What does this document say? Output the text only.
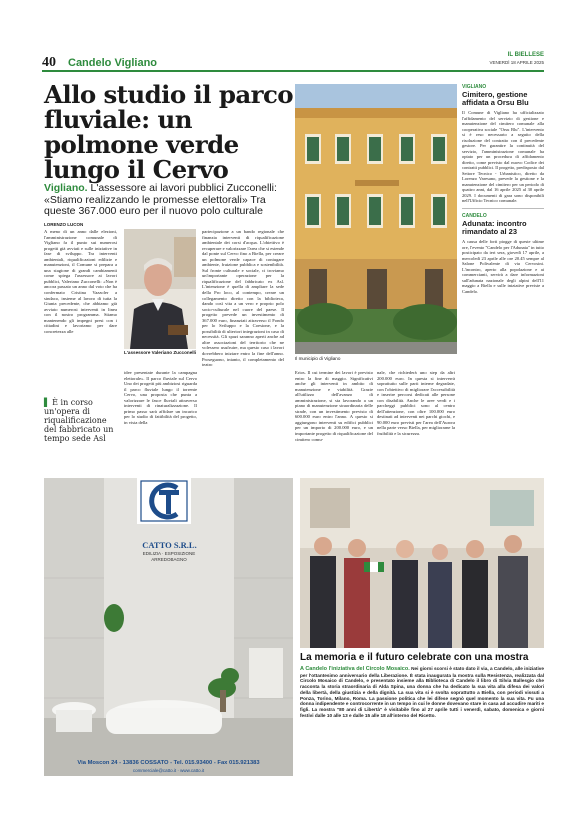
40 Candelo Vigliano
IL BIELLESE
VENERDÌ 18 APRILE 2025
Allo studio il parco fluviale: un polmone verde lungo il Cervo
Vigliano. L'assessore ai lavori pubblici Zucconelli: «Stiamo realizzando le promesse elettorali» Tra queste 367.000 euro per il nuovo polo culturale
LORENZO LUCON
A meno di un anno dalle elezioni, l'amministrazione comunale di Vigliano fa il punto sui numerosi progetti già avviati e sulle iniziative in fase di sviluppo. Tra interventi ambientali, riqualificazioni edilizie e manutenzioni, il Comune si prepara a una stagione di grandi cambiamenti come spiega l'assessore ai lavori pubblici, Valeriano Zucconelli: «Non è ancora passato un anno dal voto che ha confermato Cristina Vazzoler a sindaco, insieme al lavoro di tutta la Giunta precedente, che abbiamo già avviato numerosi interventi in linea con il nostro programma. Stiamo mantenendo gli impegni presi con i cittadini e lavoriamo per dare concretezza alle
▌ È in corso un'opera di riqualificazione del fabbricato un tempo sede Asl
L'assessore Valeriano Zucconelli
idee presentate durante la campagna elettorale». Il parco fluviale sul Cervo Uno dei progetti più ambiziosi riguarda il parco fluviale lungo il torrente Cervo, una proposta che punta a valorizzare le fasce fluviali attraverso interventi di rinaturalizzazione. Il primo passo sarà affidare un incarico per lo studio di fattibilità del progetto, in vista della
partecipazione a un bando regionale che finanzia interventi di riqualificazione ambientale dei corsi d'acqua. L'obiettivo è recuperare e valorizzare l'area che si estende dal ponte sul Cervo fino a Biella, per creare un polmone verde capace di coniugare ambiente, fruizione pubblica e sostenibilità. Sul fronte culturale e sociale, ci troviamo un'importante operazione per la riqualificazione del fabbricato ex Asl. L'intenzione è quella di ampliare la sede della Pro loco, al contempo, creare un collegamento diretto con la biblioteca, dando così vita a un vero e proprio polo socio-culturale nel cuore del paese. Il progetto prevede un investimento di 367.000 euro, finanziati attraverso il Fondo per lo Sviluppo e la Coesione, e la possibilità di ulteriori integrazioni in caso di necessità. Gli spazi saranno aperti anche ad altre associazioni del territorio che ne volessero usufruire, ma questo caso i lavori dovrebbero iniziare entro la fine dell'anno. Proseguono, intanto, il completamento del teatro
Il municipio di Vigliano
Erios. Il cui termine dei lavori è previsto entro la fine di maggio. Significativi anche gli interventi in ambito di manutenzione e viabilità. Grazie all'utilizzo dell'avanzo di amministrazione, si sta lavorando a un piano di manutenzione straordinaria delle strade, con un investimento previsto di 600.000 euro entro l'anno. A questo si aggiungono interventi su edifici pubblici per un importo di 200.000 euro, e un importante progetto di riqualificazione del cimitero comu-
nale, che richiederà uno step da altri 200.000 euro. In questa si interverrà soprattutto sulle parti interne degradate, con l'obiettivo di migliorare l'accessibilità e inserire percorsi dedicati alle persone con disabilità. Anche le aree verdi e i parcheggi pubblici sono al centro dell'attenzione, con oltre 100.000 euro destinati ad interventi nei parchi giochi, e 90.000 euro previsti per l'area dell'Aurora nella parte verso Biella, per migliorarne la fruibilità e la sicurezza.
VIGLIANO
Cimitero, gestione affidata a Orsu Blu
Il Comune di Vigliano ha ufficializzato l'affidamento del servizio di gestione e manutenzione del cimitero comunale alla cooperativa sociale "Orsu Blu". L'intervento si è reso necessario a seguito della risoluzione del contratto con il precedente gestore. Per garantire la continuità del servizio, l'amministrazione comunale ha optato per un procedura di affidamento diretto, come previsto dal nuovo Codice dei contratti pubblici. Il progetto, predisposto dal Settore Tecnico - Urbanistico, diretto da Lorenzo Varesano, prevede la gestione e la manutenzione del cimitero per un periodo di quattro anni, dal 16 aprile 2025 al 30 aprile 2029. I documenti di gara sono disponibili nell'Ufficio Tecnico comunale.
CANDELO
Adunata: incontro rimandato al 23
A causa delle forti piogge di queste ultime ore, l'evento "Candelo per l'Adunata" in tutto posticipato da ieri sera, giovedì 17 aprile, a mercoledì 23 aprile alle ore 20.45 sempre al Salone Polivalente di via Cervosini. L'incontro, aperto alla popolazione e ai commercianti, servirà a dare informazioni sull'adunata nazionale degli alpini dell'11 maggio a Biella e sulle iniziative previste a Candelo.
CATTO S.R.L.
EDILIZIA · ESPOSIZIONE
ARREDOBAGNO
Via Moscon 24 - 13836 COSSATO - Tel. 015.93400 - Fax 015.921383
commerciale@catto.it · www.catto.it
La memoria e il futuro celebrate con una mostra
A Candelo l'iniziativa del Circolo Mosaico. Nei giorni scorsi è stato dato il via, a Candelo, alle iniziative per l'ottantesimo anniversario della Liberazione. È stata inaugurata la mostra sulla Resistenza, realizzata dal Circolo Mosaico di Candelo, e presentato insieme alla Biblioteca di Candelo il libro di Silvia Ballesgio che racconta la storia straordinaria di Alda Spina, una donna che ha dedicato la sua vita alla difesa dei valori della libertà, della giustizia e della dignità. La sua vita si è svolta soprattutto a Biella, con periodi vissuti a Ponza, Torino, Milano, Roma. La passione politica che lei difese segnò quel momento la sua vita. Fu una donna indipendente e controcorrente in un tempo in cui le donne dovevano stare in casa ad accudire mariti e figli. La mostra "80 anni di Libertà" è visitabile fino al 27 aprile tutti i venerdì, sabato, domenica e giorni festivi dalle 10 alle 13 e dalle 15 alle 18 all'interno del Ricetto.
